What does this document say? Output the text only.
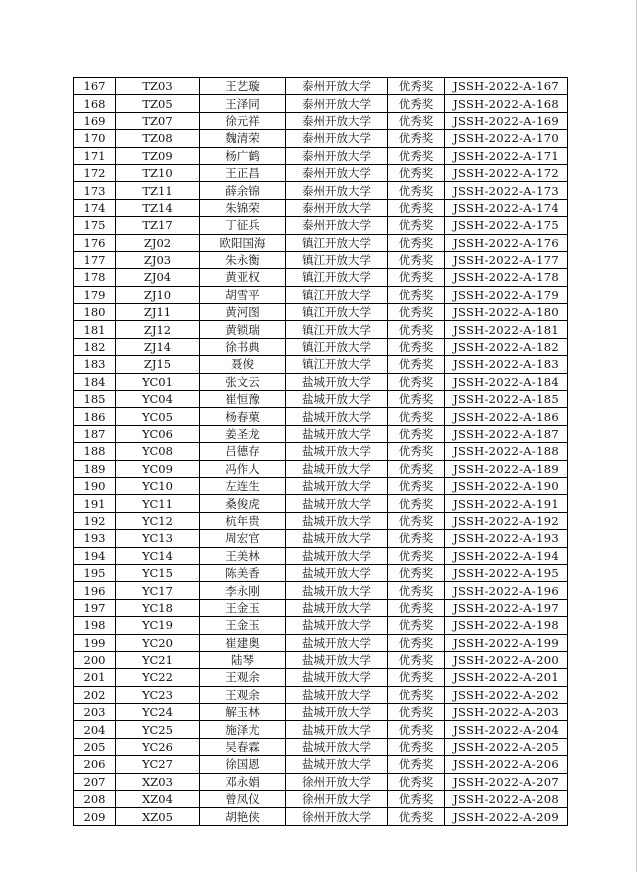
167	TZ03	王艺璇	泰州开放大学	优秀奖	JSSH-2022-A-167
168	TZ05	王泽同	泰州开放大学	优秀奖	JSSH-2022-A-168
169	TZ07	徐元祥	泰州开放大学	优秀奖	JSSH-2022-A-169
170	TZ08	魏清荣	泰州开放大学	优秀奖	JSSH-2022-A-170
171	TZ09	杨广鹤	泰州开放大学	优秀奖	JSSH-2022-A-171
172	TZ10	王正昌	泰州开放大学	优秀奖	JSSH-2022-A-172
173	TZ11	薛余锦	泰州开放大学	优秀奖	JSSH-2022-A-173
174	TZ14	朱锦荣	泰州开放大学	优秀奖	JSSH-2022-A-174
175	TZ17	丁征兵	泰州开放大学	优秀奖	JSSH-2022-A-175
176	ZJ02	欧阳国海	镇江开放大学	优秀奖	JSSH-2022-A-176
177	ZJ03	朱永衡	镇江开放大学	优秀奖	JSSH-2022-A-177
178	ZJ04	黄亚权	镇江开放大学	优秀奖	JSSH-2022-A-178
179	ZJ10	胡雪平	镇江开放大学	优秀奖	JSSH-2022-A-179
180	ZJ11	黄河图	镇江开放大学	优秀奖	JSSH-2022-A-180
181	ZJ12	黄锁瑞	镇江开放大学	优秀奖	JSSH-2022-A-181
182	ZJ14	徐书典	镇江开放大学	优秀奖	JSSH-2022-A-182
183	ZJ15	聂俊	镇江开放大学	优秀奖	JSSH-2022-A-183
184	YC01	张文云	盐城开放大学	优秀奖	JSSH-2022-A-184
185	YC04	崔恒豫	盐城开放大学	优秀奖	JSSH-2022-A-185
186	YC05	杨春菓	盐城开放大学	优秀奖	JSSH-2022-A-186
187	YC06	姜圣龙	盐城开放大学	优秀奖	JSSH-2022-A-187
188	YC08	吕德存	盐城开放大学	优秀奖	JSSH-2022-A-188
189	YC09	冯作人	盐城开放大学	优秀奖	JSSH-2022-A-189
190	YC10	左连生	盐城开放大学	优秀奖	JSSH-2022-A-190
191	YC11	桑俊虎	盐城开放大学	优秀奖	JSSH-2022-A-191
192	YC12	杭年贵	盐城开放大学	优秀奖	JSSH-2022-A-192
193	YC13	周宏官	盐城开放大学	优秀奖	JSSH-2022-A-193
194	YC14	王美林	盐城开放大学	优秀奖	JSSH-2022-A-194
195	YC15	陈美香	盐城开放大学	优秀奖	JSSH-2022-A-195
196	YC17	李永刚	盐城开放大学	优秀奖	JSSH-2022-A-196
197	YC18	王金玉	盐城开放大学	优秀奖	JSSH-2022-A-197
198	YC19	王金玉	盐城开放大学	优秀奖	JSSH-2022-A-198
199	YC20	崔建奥	盐城开放大学	优秀奖	JSSH-2022-A-199
200	YC21	陆琴	盐城开放大学	优秀奖	JSSH-2022-A-200
201	YC22	王观余	盐城开放大学	优秀奖	JSSH-2022-A-201
202	YC23	王观余	盐城开放大学	优秀奖	JSSH-2022-A-202
203	YC24	解玉林	盐城开放大学	优秀奖	JSSH-2022-A-203
204	YC25	施泽尤	盐城开放大学	优秀奖	JSSH-2022-A-204
205	YC26	吴春霖	盐城开放大学	优秀奖	JSSH-2022-A-205
206	YC27	徐国恩	盐城开放大学	优秀奖	JSSH-2022-A-206
207	XZ03	邓永娟	徐州开放大学	优秀奖	JSSH-2022-A-207
208	XZ04	曾凤仪	徐州开放大学	优秀奖	JSSH-2022-A-208
209	XZ05	胡艳侠	徐州开放大学	优秀奖	JSSH-2022-A-209
